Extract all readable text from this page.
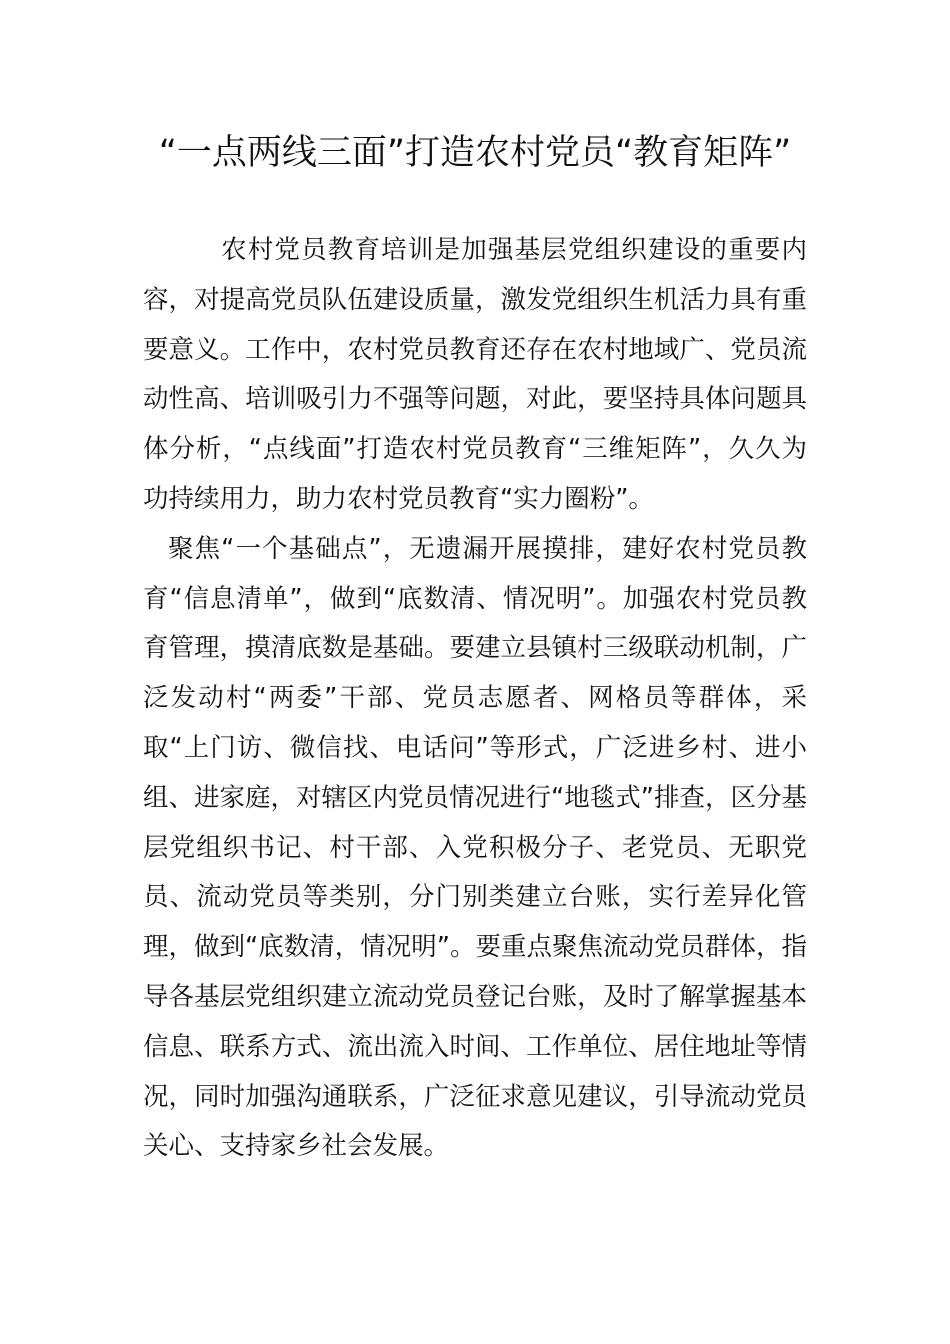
“一点两线三面”打造农村党员“教育矩阵”

农村党员教育培训是加强基层党组织建设的重要内容，对提高党员队伍建设质量，激发党组织生机活力具有重要意义。工作中，农村党员教育还存在农村地域广、党员流动性高、培训吸引力不强等问题，对此，要坚持具体问题具体分析，“点线面”打造农村党员教育“三维矩阵”，久久为功持续用力，助力农村党员教育“实力圈粉”。

聚焦“一个基础点”，无遗漏开展摸排，建好农村党员教育“信息清单”，做到“底数清、情况明”。加强农村党员教育管理，摸清底数是基础。要建立县镇村三级联动机制，广泛发动村“两委”干部、党员志愿者、网格员等群体，采取“上门访、微信找、电话问”等形式，广泛进乡村、进小组、进家庭，对辖区内党员情况进行“地毯式”排查，区分基层党组织书记、村干部、入党积极分子、老党员、无职党员、流动党员等类别，分门别类建立台账，实行差异化管理，做到“底数清，情况明”。要重点聚焦流动党员群体，指导各基层党组织建立流动党员登记台账，及时了解掌握基本信息、联系方式、流出流入时间、工作单位、居住地址等情况，同时加强沟通联系，广泛征求意见建议，引导流动党员关心、支持家乡社会发展。
